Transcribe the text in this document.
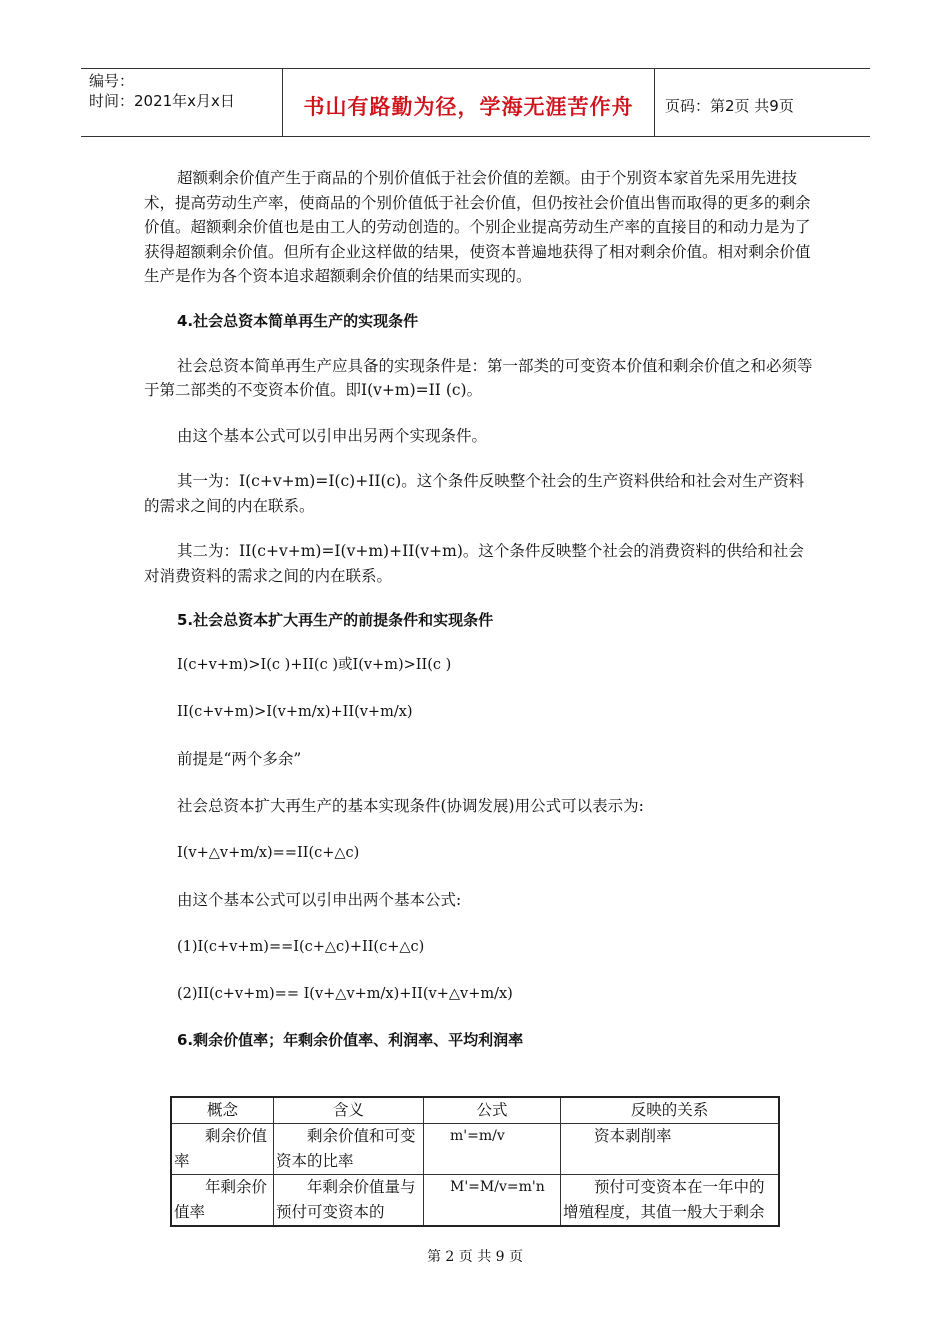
编号：
时间：2021年x月x日	书山有路勤为径，学海无涯苦作舟	页码：第2页 共9页

超额剩余价值产生于商品的个别价值低于社会价值的差额。由于个别资本家首先采用先进技术，提高劳动生产率，使商品的个别价值低于社会价值，但仍按社会价值出售而取得的更多的剩余价值。超额剩余价值也是由工人的劳动创造的。个别企业提高劳动生产率的直接目的和动力是为了获得超额剩余价值。但所有企业这样做的结果，使资本普遍地获得了相对剩余价值。相对剩余价值生产是作为各个资本追求超额剩余价值的结果而实现的。

4.社会总资本简单再生产的实现条件

社会总资本简单再生产应具备的实现条件是：第一部类的可变资本价值和剩余价值之和必须等于第二部类的不变资本价值。即Ⅰ(v+m)=ⅠⅠ (c)。

由这个基本公式可以引申出另两个实现条件。

其一为：Ⅰ(c+v+m)=Ⅰ(c)+ⅠⅠ(c)。这个条件反映整个社会的生产资料供给和社会对生产资料的需求之间的内在联系。

其二为：ⅠⅠ(c+v+m)=Ⅰ(v+m)+ⅠⅠ(v+m)。这个条件反映整个社会的消费资料的供给和社会对消费资料的需求之间的内在联系。

5.社会总资本扩大再生产的前提条件和实现条件
Ⅰ(c+v+m)>Ⅰ(c )+ⅠⅠ(c )或Ⅰ(v+m)>ⅠⅠ(c )
ⅠⅠ(c+v+m)>Ⅰ(v+m/x)+ⅠⅠ(v+m/x)
前提是“两个多余”
社会总资本扩大再生产的基本实现条件(协调发展)用公式可以表示为:
Ⅰ(v+△v+m/x)==ⅠⅠ(c+△c)
由这个基本公式可以引申出两个基本公式:
(1)Ⅰ(c+v+m)==Ⅰ(c+△c)+ⅠⅠ(c+△c)
(2)ⅠⅠ(c+v+m)== Ⅰ(v+△v+m/x)+ⅠⅠ(v+△v+m/x)
6.剩余价值率；年剩余价值率、利润率、平均利润率
概念	含义	公式	反映的关系
剩余价值率	剩余价值和可变资本的比率	m'=m/v	资本剥削率
年剩余价值率	年剩余价值量与预付可变资本的	M'=M/v=m'n	预付可变资本在一年中的增殖程度，其值一般大于剩余
第 2 页 共 9 页
